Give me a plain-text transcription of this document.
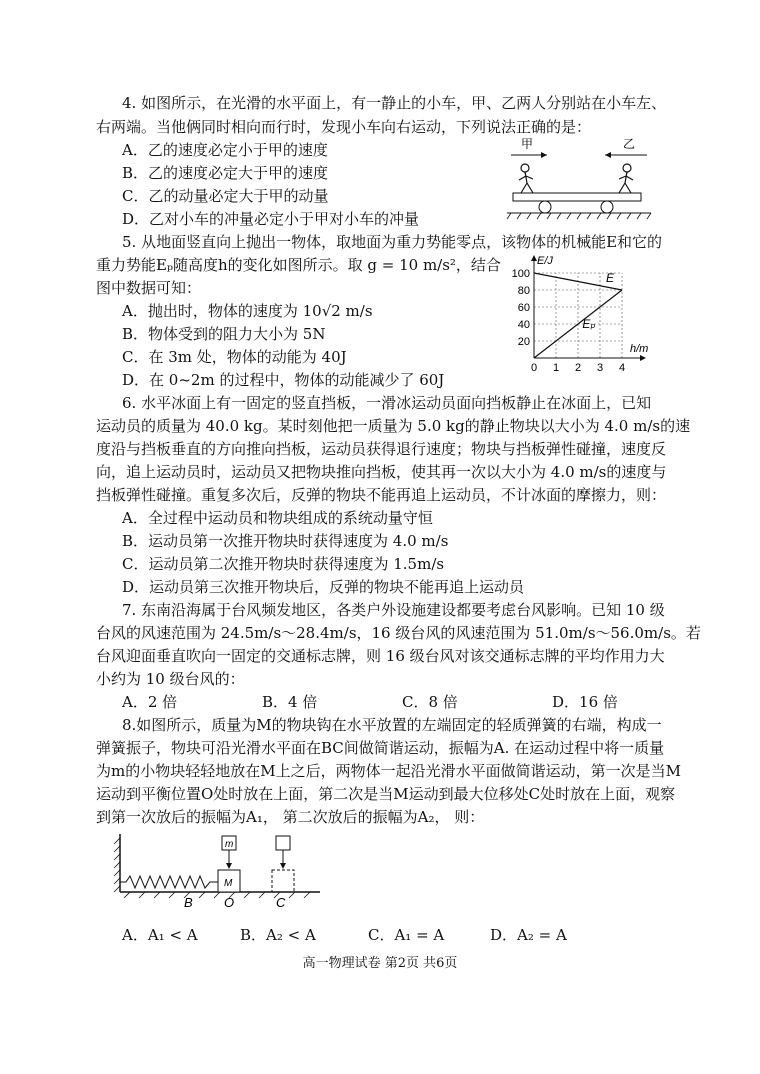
4. 如图所示，在光滑的水平面上，有一静止的小车，甲、乙两人分别站在小车左、
右两端。当他俩同时相向而行时，发现小车向右运动，下列说法正确的是：
A．乙的速度必定小于甲的速度
B．乙的速度必定大于甲的速度
C．乙的动量必定大于甲的动量
D．乙对小车的冲量必定小于甲对小车的冲量
甲	乙
5. 从地面竖直向上抛出一物体，取地面为重力势能零点，该物体的机械能E和它的
重力势能Eₚ随高度h的变化如图所示。取 g = 10 m/s²，结合
图中数据可知：
A．抛出时，物体的速度为 10√2 m/s
B．物体受到的阻力大小为 5N
C．在 3m 处，物体的动能为 40J
D．在 0~2m 的过程中，物体的动能减少了 60J
20
40
60
80
100
0 1 2 3 4
E/J
h/m
E
Eₚ
6. 水平冰面上有一固定的竖直挡板，一滑冰运动员面向挡板静止在冰面上，已知
运动员的质量为 40.0 kg。某时刻他把一质量为 5.0 kg的静止物块以大小为 4.0 m/s的速
度沿与挡板垂直的方向推向挡板，运动员获得退行速度；物块与挡板弹性碰撞，速度反
向，追上运动员时，运动员又把物块推向挡板，使其再一次以大小为 4.0 m/s的速度与
挡板弹性碰撞。重复多次后，反弹的物块不能再追上运动员，不计冰面的摩擦力，则：
A．全过程中运动员和物块组成的系统动量守恒
B．运动员第一次推开物块时获得速度为 4.0 m/s
C．运动员第二次推开物块时获得速度为 1.5m/s
D．运动员第三次推开物块后，反弹的物块不能再追上运动员
7. 东南沿海属于台风频发地区，各类户外设施建设都要考虑台风影响。已知 10 级
台风的风速范围为 24.5m/s～28.4m/s，16 级台风的风速范围为 51.0m/s～56.0m/s。若
台风迎面垂直吹向一固定的交通标志牌，则 16 级台风对该交通标志牌的平均作用力大
小约为 10 级台风的：
A．2 倍	B．4 倍	C．8 倍	D．16 倍
8.如图所示，质量为M的物块钩在水平放置的左端固定的轻质弹簧的右端，构成一
弹簧振子，物块可沿光滑水平面在BC间做简谐运动，振幅为A. 在运动过程中将一质量
为m的小物块轻轻地放在M上之后，两物体一起沿光滑水平面做简谐运动，第一次是当M
运动到平衡位置O处时放在上面，第二次是当M运动到最大位移处C处时放在上面，观察
到第一次放后的振幅为A₁， 第二次放后的振幅为A₂， 则：
M
m
B O	C
A．A₁ < A	B．A₂ < A	C．A₁ = A	D．A₂ = A
高一物理试卷 第2页 共6页
